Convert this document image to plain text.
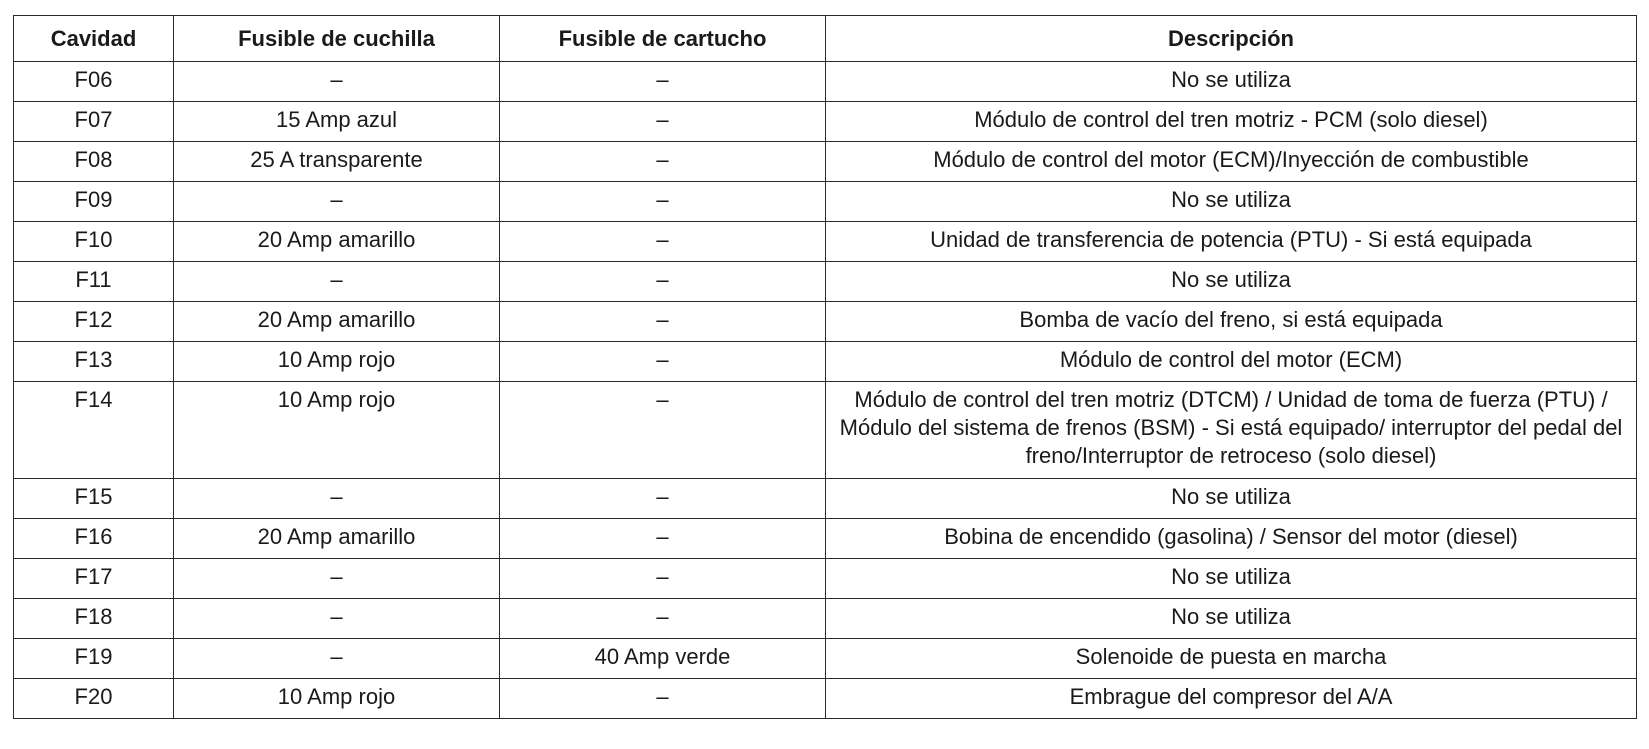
Cavidad	Fusible de cuchilla	Fusible de cartucho	Descripción
F06	–	–	No se utiliza
F07	15 Amp azul	–	Módulo de control del tren motriz - PCM (solo diesel)
F08	25 A transparente	–	Módulo de control del motor (ECM)/Inyección de combustible
F09	–	–	No se utiliza
F10	20 Amp amarillo	–	Unidad de transferencia de potencia (PTU) - Si está equipada
F11	–	–	No se utiliza
F12	20 Amp amarillo	–	Bomba de vacío del freno, si está equipada
F13	10 Amp rojo	–	Módulo de control del motor (ECM)
F14	10 Amp rojo	–	Módulo de control del tren motriz (DTCM) / Unidad de toma de fuerza (PTU) / Módulo del sistema de frenos (BSM) - Si está equipado/ interruptor del pedal del freno/Interruptor de retroceso (solo diesel)
F15	–	–	No se utiliza
F16	20 Amp amarillo	–	Bobina de encendido (gasolina) / Sensor del motor (diesel)
F17	–	–	No se utiliza
F18	–	–	No se utiliza
F19	–	40 Amp verde	Solenoide de puesta en marcha
F20	10 Amp rojo	–	Embrague del compresor del A/A
